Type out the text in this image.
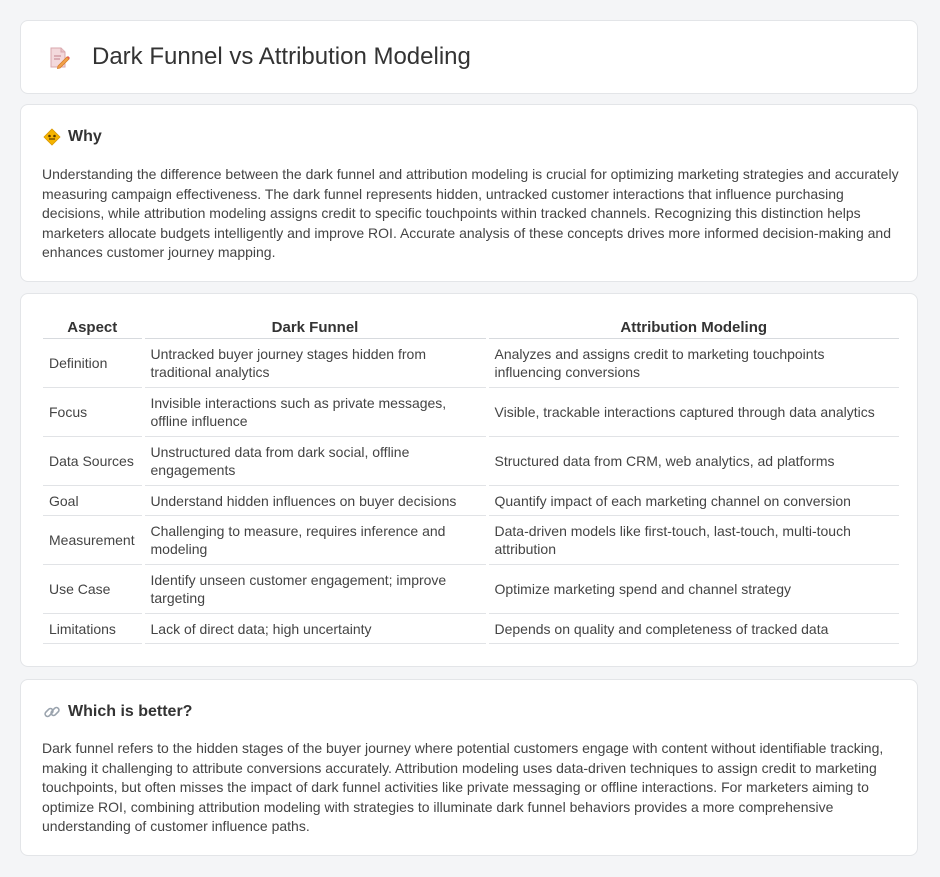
Dark Funnel vs Attribution Modeling
Why

Understanding the difference between the dark funnel and attribution modeling is crucial for optimizing marketing strategies and accurately measuring campaign effectiveness. The dark funnel represents hidden, untracked customer interactions that influence purchasing decisions, while attribution modeling assigns credit to specific touchpoints within tracked channels. Recognizing this distinction helps marketers allocate budgets intelligently and improve ROI. Accurate analysis of these concepts drives more informed decision-making and enhances customer journey mapping.

Aspect	Dark Funnel	Attribution Modeling
Definition	Untracked buyer journey stages hidden from traditional analytics	Analyzes and assigns credit to marketing touchpoints influencing conversions
Focus	Invisible interactions such as private messages, offline influence	Visible, trackable interactions captured through data analytics
Data Sources	Unstructured data from dark social, offline engagements	Structured data from CRM, web analytics, ad platforms
Goal	Understand hidden influences on buyer decisions	Quantify impact of each marketing channel on conversion
Measurement	Challenging to measure, requires inference and modeling	Data-driven models like first-touch, last-touch, multi-touch attribution
Use Case	Identify unseen customer engagement; improve targeting	Optimize marketing spend and channel strategy
Limitations	Lack of direct data; high uncertainty	Depends on quality and completeness of tracked data
Which is better?

Dark funnel refers to the hidden stages of the buyer journey where potential customers engage with content without identifiable tracking, making it challenging to attribute conversions accurately. Attribution modeling uses data-driven techniques to assign credit to marketing touchpoints, but often misses the impact of dark funnel activities like private messaging or offline interactions. For marketers aiming to optimize ROI, combining attribution modeling with strategies to illuminate dark funnel behaviors provides a more comprehensive understanding of customer influence paths.
